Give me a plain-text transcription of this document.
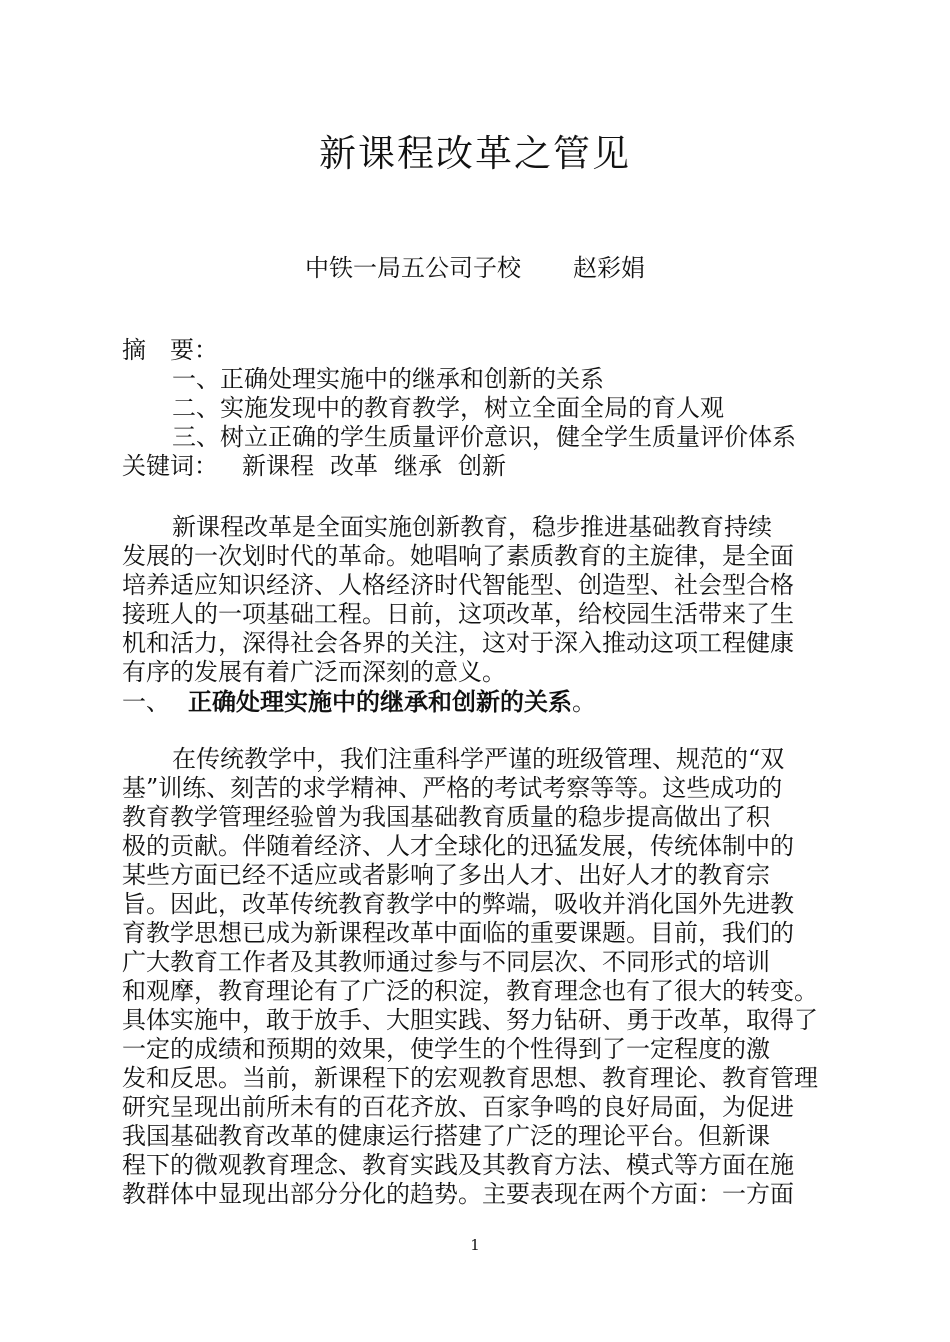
新课程改革之管见
中铁一局五公司子校 赵彩娟

摘　要：

一、正确处理实施中的继承和创新的关系

二、实施发现中的教育教学，树立全面全局的育人观

三、树立正确的学生质量评价意识，健全学生质量评价体系

关键词： 新课程 改革 继承 创新

新课程改革是全面实施创新教育，稳步推进基础教育持续

发展的一次划时代的革命。她唱响了素质教育的主旋律，是全面

培养适应知识经济、人格经济时代智能型、创造型、社会型合格

接班人的一项基础工程。日前，这项改革，给校园生活带来了生

机和活力，深得社会各界的关注，这对于深入推动这项工程健康

有序的发展有着广泛而深刻的意义。

一、 正确处理实施中的继承和创新的关系。

在传统教学中，我们注重科学严谨的班级管理、规范的“双

基”训练、刻苦的求学精神、严格的考试考察等等。这些成功的

教育教学管理经验曾为我国基础教育质量的稳步提高做出了积

极的贡献。伴随着经济、人才全球化的迅猛发展，传统体制中的

某些方面已经不适应或者影响了多出人才、出好人才的教育宗

旨。因此，改革传统教育教学中的弊端，吸收并消化国外先进教

育教学思想已成为新课程改革中面临的重要课题。目前，我们的

广大教育工作者及其教师通过参与不同层次、不同形式的培训

和观摩，教育理论有了广泛的积淀，教育理念也有了很大的转变。

具体实施中，敢于放手、大胆实践、努力钻研、勇于改革，取得了

一定的成绩和预期的效果，使学生的个性得到了一定程度的激

发和反思。当前，新课程下的宏观教育思想、教育理论、教育管理

研究呈现出前所未有的百花齐放、百家争鸣的良好局面，为促进

我国基础教育改革的健康运行搭建了广泛的理论平台。但新课

程下的微观教育理念、教育实践及其教育方法、模式等方面在施

教群体中显现出部分分化的趋势。主要表现在两个方面：一方面

1
